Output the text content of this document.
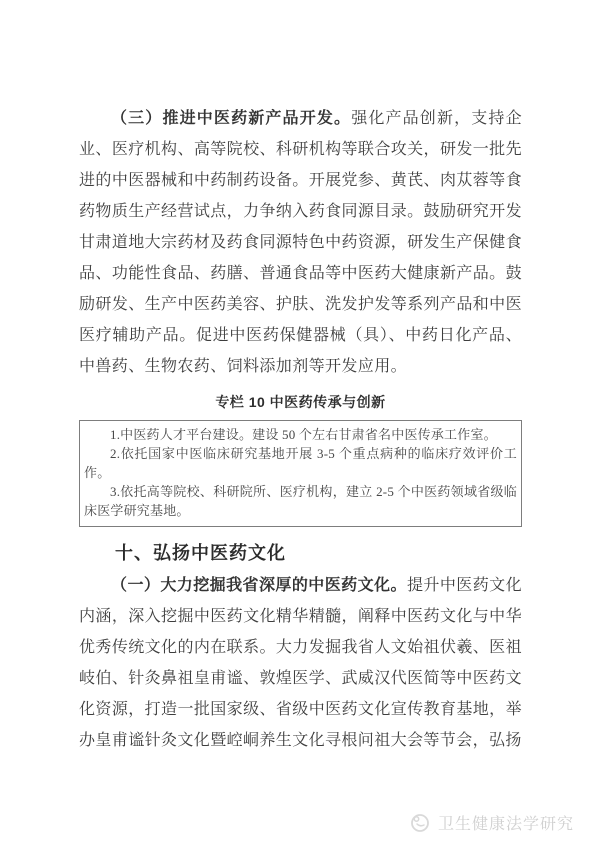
（三）推进中医药新产品开发。强化产品创新，支持企业、医疗机构、高等院校、科研机构等联合攻关，研发一批先进的中医器械和中药制药设备。开展党参、黄芪、肉苁蓉等食药物质生产经营试点，力争纳入药食同源目录。鼓励研究开发甘肃道地大宗药材及药食同源特色中药资源，研发生产保健食品、功能性食品、药膳、普通食品等中医药大健康新产品。鼓励研发、生产中医药美容、护肤、洗发护发等系列产品和中医医疗辅助产品。促进中医药保健器械（具）、中药日化产品、中兽药、生物农药、饲料添加剂等开发应用。

专栏 10 中医药传承与创新

1.中医药人才平台建设。建设 50 个左右甘肃省名中医传承工作室。

2.依托国家中医临床研究基地开展 3-5 个重点病种的临床疗效评价工作。

3.依托高等院校、科研院所、医疗机构，建立 2-5 个中医药领域省级临床医学研究基地。

十、弘扬中医药文化

（一）大力挖掘我省深厚的中医药文化。提升中医药文化内涵，深入挖掘中医药文化精华精髓，阐释中医药文化与中华优秀传统文化的内在联系。大力发掘我省人文始祖伏羲、医祖岐伯、针灸鼻祖皇甫谧、敦煌医学、武威汉代医简等中医药文化资源，打造一批国家级、省级中医药文化宣传教育基地，举办皇甫谧针灸文化暨崆峒养生文化寻根问祖大会等节会，弘扬

卫生健康法学研究
